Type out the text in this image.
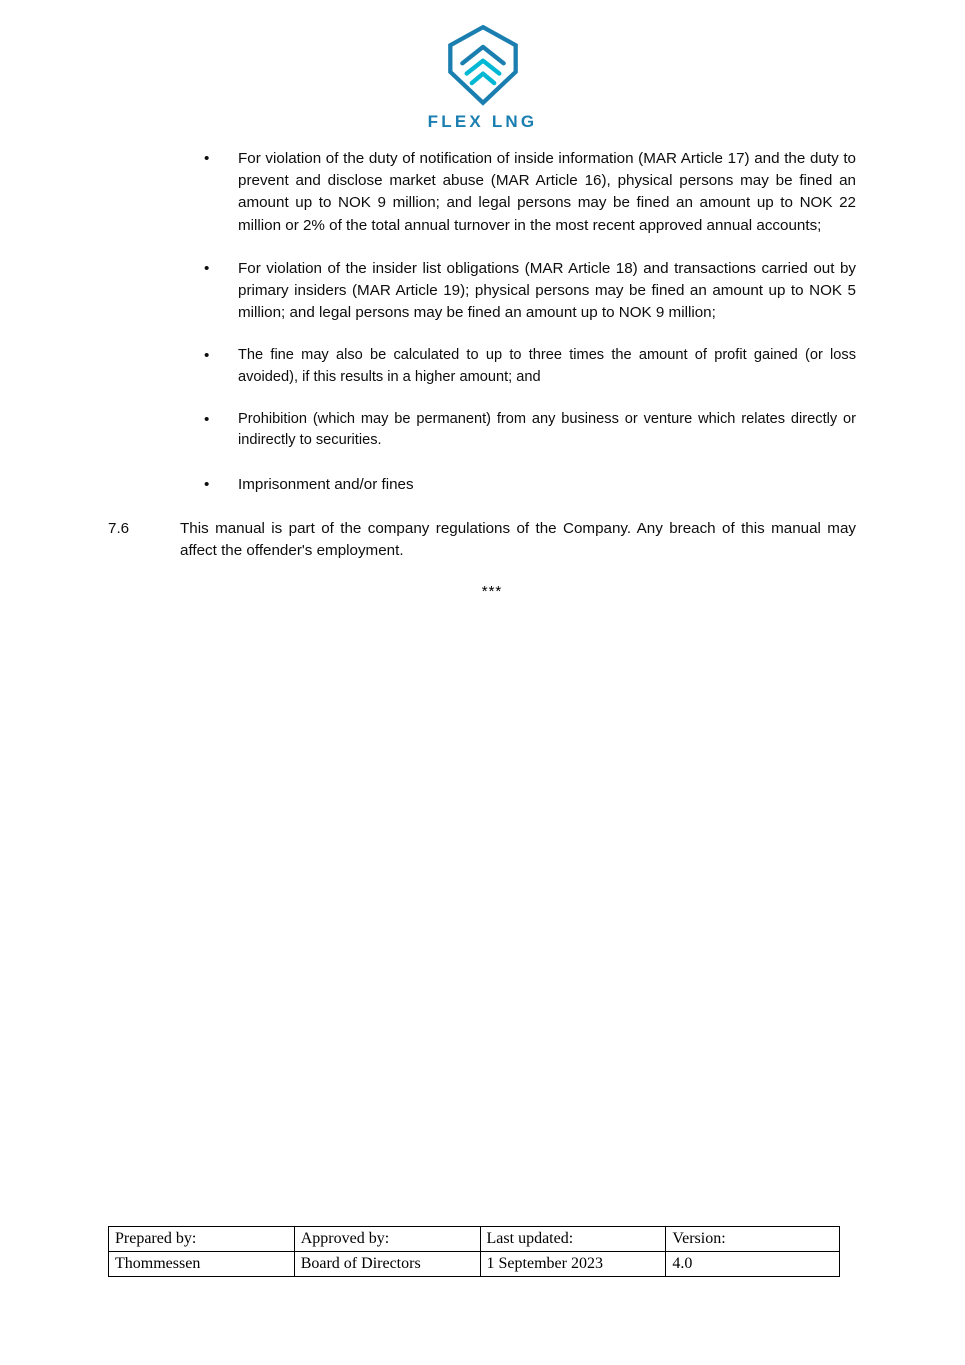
FLEX LNG
• For violation of the duty of notification of inside information (MAR Article 17) and the duty to prevent and disclose market abuse (MAR Article 16), physical persons may be fined an amount up to NOK 9 million; and legal persons may be fined an amount up to NOK 22 million or 2% of the total annual turnover in the most recent approved annual accounts;
• For violation of the insider list obligations (MAR Article 18) and transactions carried out by primary insiders (MAR Article 19); physical persons may be fined an amount up to NOK 5 million; and legal persons may be fined an amount up to NOK 9 million;
• The fine may also be calculated to up to three times the amount of profit gained (or loss avoided), if this results in a higher amount; and
• Prohibition (which may be permanent) from any business or venture which relates directly or indirectly to securities.
• Imprisonment and/or fines
7.6	This manual is part of the company regulations of the Company. Any breach of this manual may affect the offender's employment.
***
Prepared by:	Approved by:	Last updated:	Version:
Thommessen	Board of Directors	1 September 2023	4.0
